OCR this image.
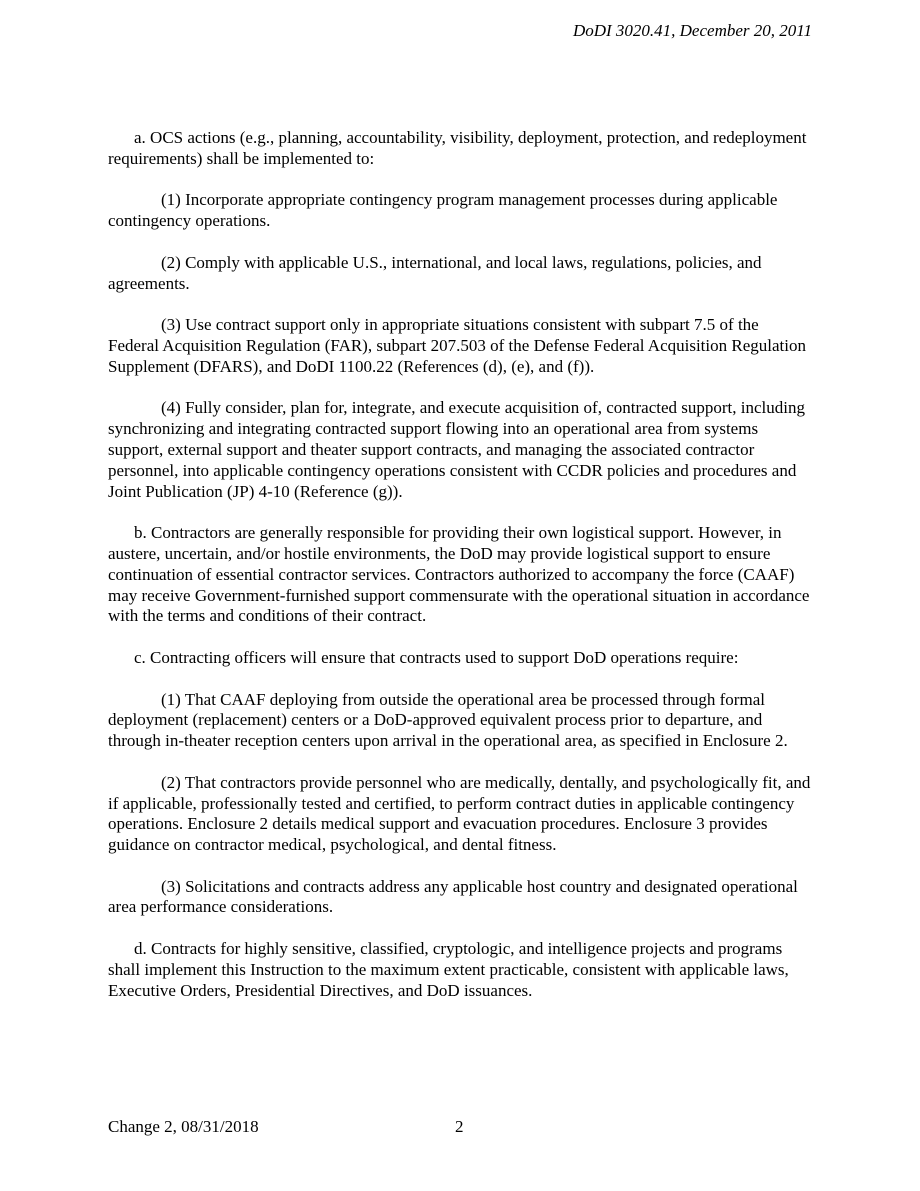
DoDI 3020.41, December 20, 2011

a. OCS actions (e.g., planning, accountability, visibility, deployment, protection, and redeployment requirements) shall be implemented to:

(1) Incorporate appropriate contingency program management processes during applicable contingency operations.

(2) Comply with applicable U.S., international, and local laws, regulations, policies, and agreements.

(3) Use contract support only in appropriate situations consistent with subpart 7.5 of the Federal Acquisition Regulation (FAR), subpart 207.503 of the Defense Federal Acquisition Regulation Supplement (DFARS), and DoDI 1100.22 (References (d), (e), and (f)).

(4) Fully consider, plan for, integrate, and execute acquisition of, contracted support, including synchronizing and integrating contracted support flowing into an operational area from systems support, external support and theater support contracts, and managing the associated contractor personnel, into applicable contingency operations consistent with CCDR policies and procedures and Joint Publication (JP) 4-10 (Reference (g)).

b. Contractors are generally responsible for providing their own logistical support. However, in austere, uncertain, and/or hostile environments, the DoD may provide logistical support to ensure continuation of essential contractor services. Contractors authorized to accompany the force (CAAF) may receive Government-furnished support commensurate with the operational situation in accordance with the terms and conditions of their contract.

c. Contracting officers will ensure that contracts used to support DoD operations require:

(1) That CAAF deploying from outside the operational area be processed through formal deployment (replacement) centers or a DoD-approved equivalent process prior to departure, and through in-theater reception centers upon arrival in the operational area, as specified in Enclosure 2.

(2) That contractors provide personnel who are medically, dentally, and psychologically fit, and if applicable, professionally tested and certified, to perform contract duties in applicable contingency operations. Enclosure 2 details medical support and evacuation procedures. Enclosure 3 provides guidance on contractor medical, psychological, and dental fitness.

(3) Solicitations and contracts address any applicable host country and designated operational area performance considerations.

d. Contracts for highly sensitive, classified, cryptologic, and intelligence projects and programs shall implement this Instruction to the maximum extent practicable, consistent with applicable laws, Executive Orders, Presidential Directives, and DoD issuances.

Change 2, 08/31/2018	2
